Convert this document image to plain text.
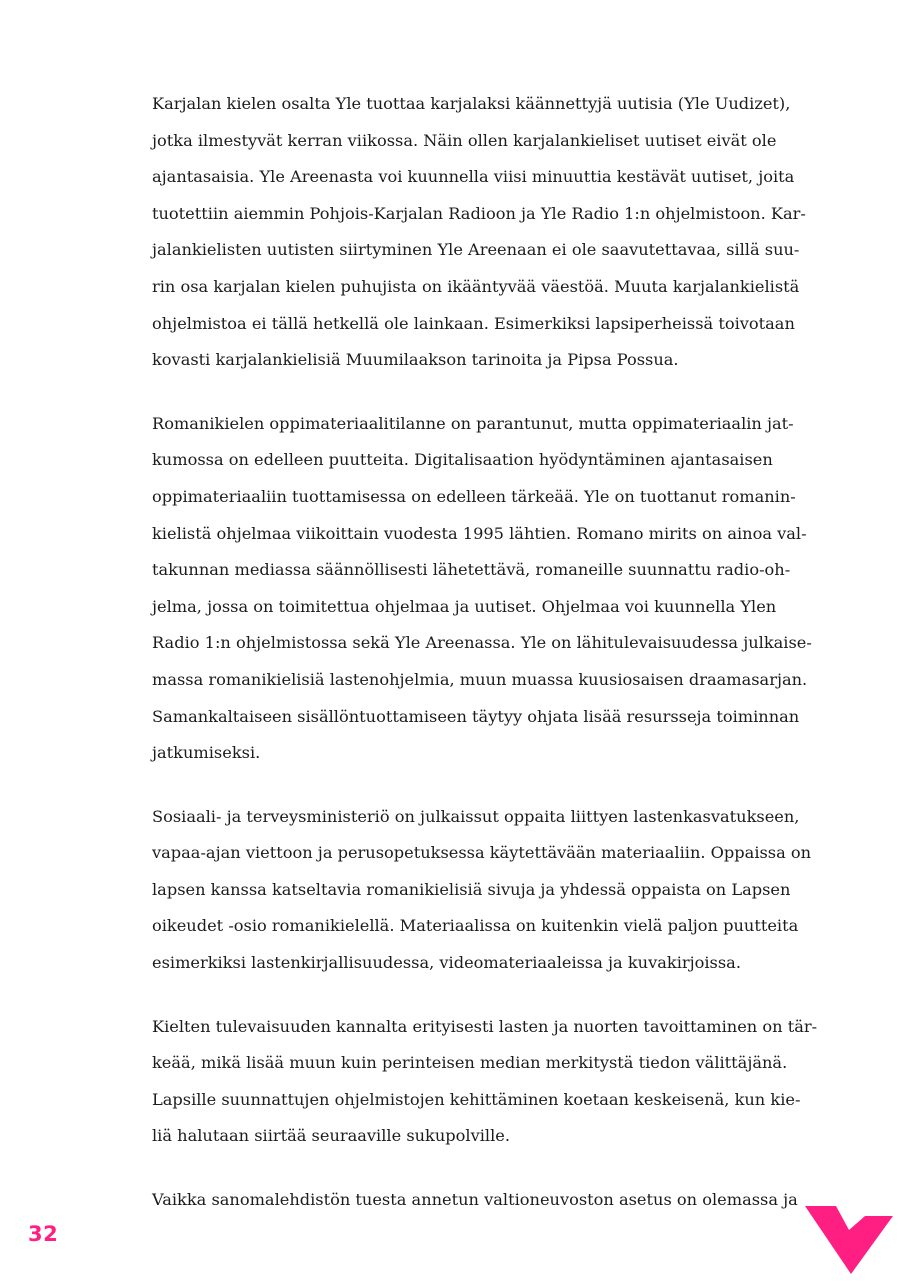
Karjalan kielen osalta Yle tuottaa karjalaksi käännettyjä uutisia (Yle Uudizet),
jotka ilmestyvät kerran viikossa. Näin ollen karjalankieliset uutiset eivät ole
ajantasaisia. Yle Areenasta voi kuunnella viisi minuuttia kestävät uutiset, joita
tuotettiin aiemmin Pohjois-Karjalan Radioon ja Yle Radio 1:n ohjelmistoon. Kar-
jalankielisten uutisten siirtyminen Yle Areenaan ei ole saavutettavaa, sillä suu-
rin osa karjalan kielen puhujista on ikääntyvää väestöä. Muuta karjalankielistä
ohjelmistoa ei tällä hetkellä ole lainkaan. Esimerkiksi lapsiperheissä toivotaan
kovasti karjalankielisiä Muumilaakson tarinoita ja Pipsa Possua.
Romanikielen oppimateriaalitilanne on parantunut, mutta oppimateriaalin jat-
kumossa on edelleen puutteita. Digitalisaation hyödyntäminen ajantasaisen
oppimateriaaliin tuottamisessa on edelleen tärkeää. Yle on tuottanut romanin-
kielistä ohjelmaa viikoittain vuodesta 1995 lähtien. Romano mirits on ainoa val-
takunnan mediassa säännöllisesti lähetettävä, romaneille suunnattu radio-oh-
jelma, jossa on toimitettua ohjelmaa ja uutiset. Ohjelmaa voi kuunnella Ylen
Radio 1:n ohjelmistossa sekä Yle Areenassa. Yle on lähitulevaisuudessa julkaise-
massa romanikielisiä lastenohjelmia, muun muassa kuusiosaisen draamasarjan.
Samankaltaiseen sisällöntuottamiseen täytyy ohjata lisää resursseja toiminnan
jatkumiseksi.
Sosiaali- ja terveysministeriö on julkaissut oppaita liittyen lastenkasvatukseen,
vapaa-ajan viettoon ja perusopetuksessa käytettävään materiaaliin. Oppaissa on
lapsen kanssa katseltavia romanikielisiä sivuja ja yhdessä oppaista on Lapsen
oikeudet -osio romanikielellä. Materiaalissa on kuitenkin vielä paljon puutteita
esimerkiksi lastenkirjallisuudessa, videomateriaaleissa ja kuvakirjoissa.
Kielten tulevaisuuden kannalta erityisesti lasten ja nuorten tavoittaminen on tär-
keää, mikä lisää muun kuin perinteisen median merkitystä tiedon välittäjänä.
Lapsille suunnattujen ohjelmistojen kehittäminen koetaan keskeisenä, kun kie-
liä halutaan siirtää seuraaville sukupolville.
Vaikka sanomalehdistön tuesta annetun valtioneuvoston asetus on olemassa ja
32
